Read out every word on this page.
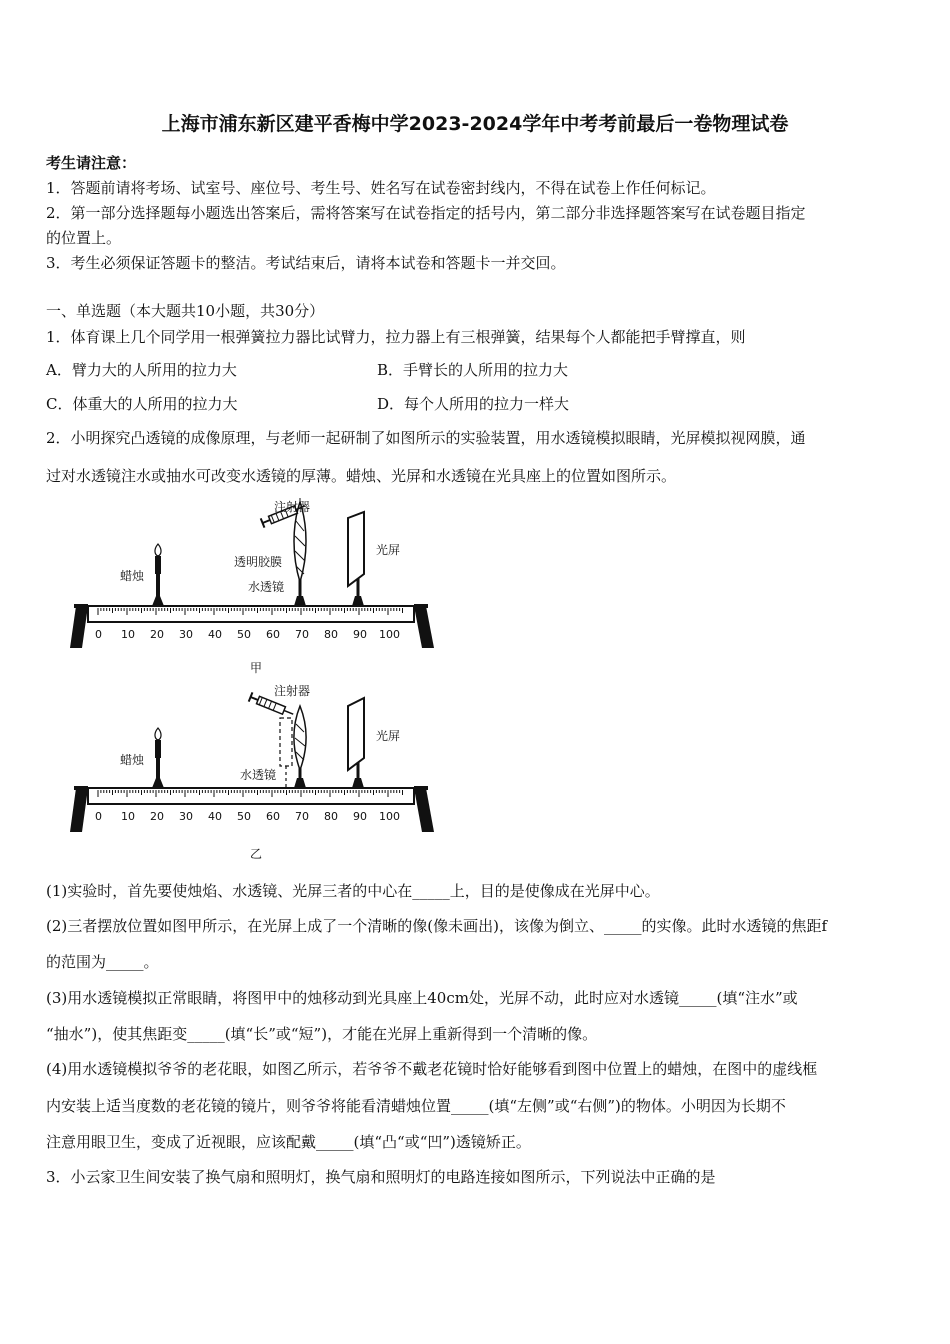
上海市浦东新区建平香梅中学2023-2024学年中考考前最后一卷物理试卷
考生请注意：
1．答题前请将考场、试室号、座位号、考生号、姓名写在试卷密封线内，不得在试卷上作任何标记。
2．第一部分选择题每小题选出答案后，需将答案写在试卷指定的括号内，第二部分非选择题答案写在试卷题目指定
的位置上。
3．考生必须保证答题卡的整洁。考试结束后，请将本试卷和答题卡一并交回。
一、单选题（本大题共10小题，共30分）
1．体育课上几个同学用一根弹簧拉力器比试臂力，拉力器上有三根弹簧，结果每个人都能把手臂撑直，则
A．臂力大的人所用的拉力大	B．手臂长的人所用的拉力大
C．体重大的人所用的拉力大	D．每个人所用的拉力一样大
2．小明探究凸透镜的成像原理，与老师一起研制了如图所示的实验装置，用水透镜模拟眼睛，光屏模拟视网膜，通
过对水透镜注水或抽水可改变水透镜的厚薄。蜡烛、光屏和水透镜在光具座上的位置如图所示。
0 10 20 30 40 50 60 70 80 90 100
注射器
透明胶膜
水透镜
蜡烛
光屏
甲
0 10 20 30 40 50 60 70 80 90 100
注射器
水透镜
蜡烛
光屏
乙
(1)实验时，首先要使烛焰、水透镜、光屏三者的中心在_____上，目的是使像成在光屏中心。
(2)三者摆放位置如图甲所示，在光屏上成了一个清晰的像(像未画出)，该像为倒立、_____的实像。此时水透镜的焦距f
的范围为_____。
(3)用水透镜模拟正常眼睛，将图甲中的烛移动到光具座上40cm处，光屏不动，此时应对水透镜_____(填“注水”或
“抽水”)，使其焦距变_____(填“长”或“短”)，才能在光屏上重新得到一个清晰的像。
(4)用水透镜模拟爷爷的老花眼，如图乙所示，若爷爷不戴老花镜时恰好能够看到图中位置上的蜡烛，在图中的虚线框
内安装上适当度数的老花镜的镜片，则爷爷将能看清蜡烛位置_____(填“左侧”或“右侧”)的物体。小明因为长期不
注意用眼卫生，变成了近视眼，应该配戴_____(填“凸“或“凹”)透镜矫正。
3．小云家卫生间安装了换气扇和照明灯，换气扇和照明灯的电路连接如图所示，下列说法中正确的是
